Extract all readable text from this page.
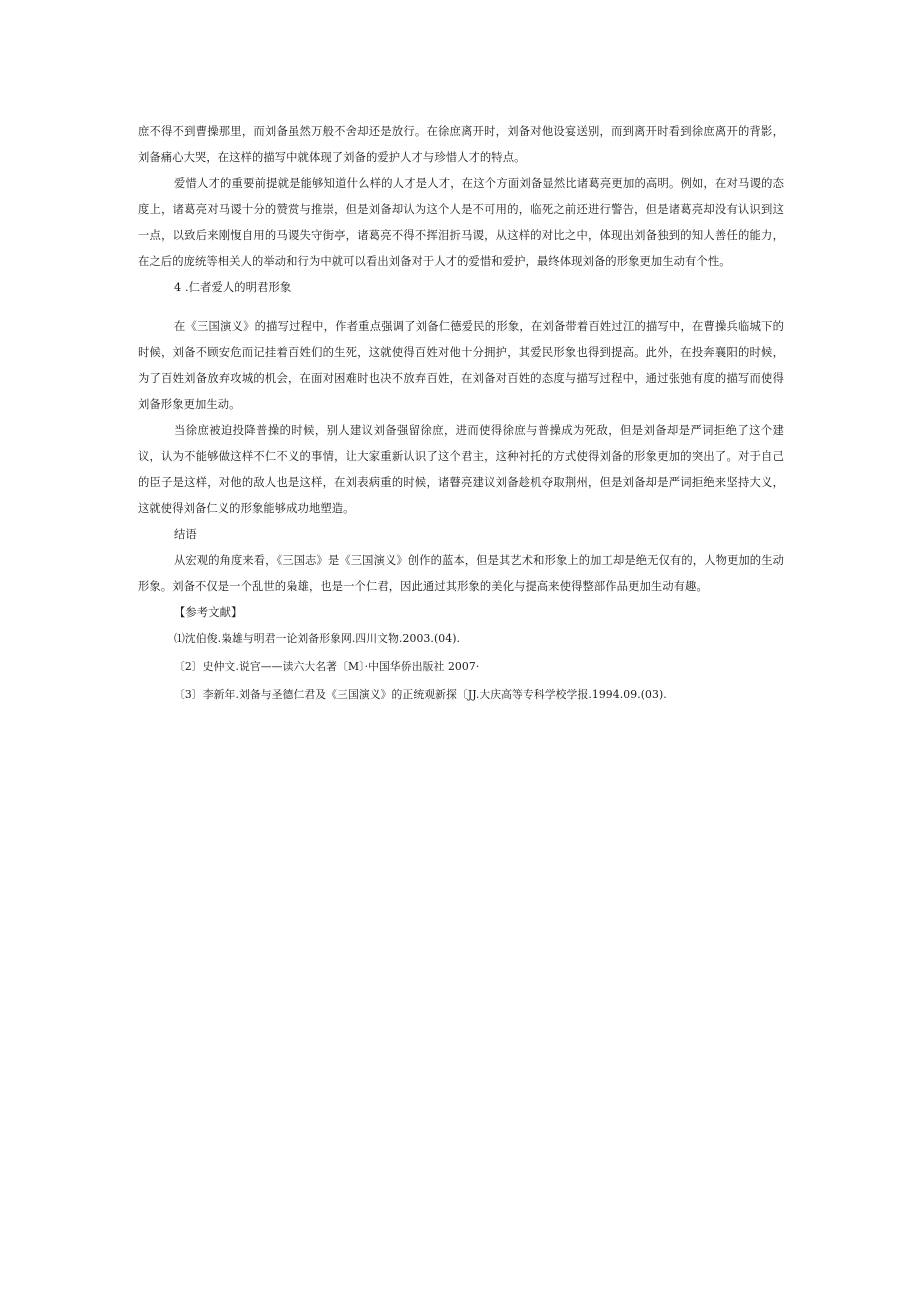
庶不得不到曹操那里，而刘备虽然万般不舍却还是放行。在徐庶离开时，刘备对他设宴送别，而到离开时看到徐庶离开的背影，刘备痛心大哭，在这样的描写中就体现了刘备的爱护人才与珍惜人才的特点。

爱惜人才的重要前提就是能够知道什么样的人才是人才，在这个方面刘备显然比诸葛亮更加的高明。例如，在对马谡的态度上，诸葛亮对马谡十分的赞赏与推崇，但是刘备却认为这个人是不可用的，临死之前还进行警告，但是诸葛亮却没有认识到这一点，以致后来刚愎自用的马谡失守街亭，诸葛亮不得不挥泪折马谡，从这样的对比之中，体现出刘备独到的知人善任的能力，在之后的庞统等相关人的举动和行为中就可以看出刘备对于人才的爱惜和爱护，最终体现刘备的形象更加生动有个性。

4 .仁者爱人的明君形象

在《三国演义》的描写过程中，作者重点强调了刘备仁德爱民的形象，在刘备带着百姓过江的描写中，在曹操兵临城下的时候，刘备不顾安危而记挂着百姓们的生死，这就使得百姓对他十分拥护，其爱民形象也得到提高。此外，在投奔襄阳的时候，为了百姓刘备放弃攻城的机会，在面对困难时也决不放弃百姓，在刘备对百姓的态度与描写过程中，通过张弛有度的描写而使得刘备形象更加生动。

当徐庶被迫投降普操的时候，别人建议刘备强留徐庶，进而使得徐庶与普操成为死敌，但是刘备却是严词拒绝了这个建议，认为不能够做这样不仁不义的事情，让大家重新认识了这个君主，这种衬托的方式使得刘备的形象更加的突出了。对于自己的臣子是这样，对他的敌人也是这样，在刘表病重的时候，诸瞽亮建议刘备趁机夺取荆州，但是刘备却是严词拒绝来坚持大义，这就使得刘备仁义的形象能够成功地塑造。

结语

从宏观的角度来看，《三国志》是《三国演义》创作的蓝本，但是其艺术和形象上的加工却是绝无仅有的，人物更加的生动形象。刘备不仅是一个乱世的枭雄，也是一个仁君，因此通过其形象的美化与提高来使得整部作品更加生动有趣。

【参考文献】

⑴沈伯俊.枭雄与明君一论刘备形象网.四川文物.2003.(04).

〔2〕史仲文.说官——读六大名著〔M〕·中国华侨出版社 2007·

〔3〕李新年.刘备与圣德仁君及《三国演义》的正统观新探〔JJ.大庆高等专科学校学报.1994.09.(03).
